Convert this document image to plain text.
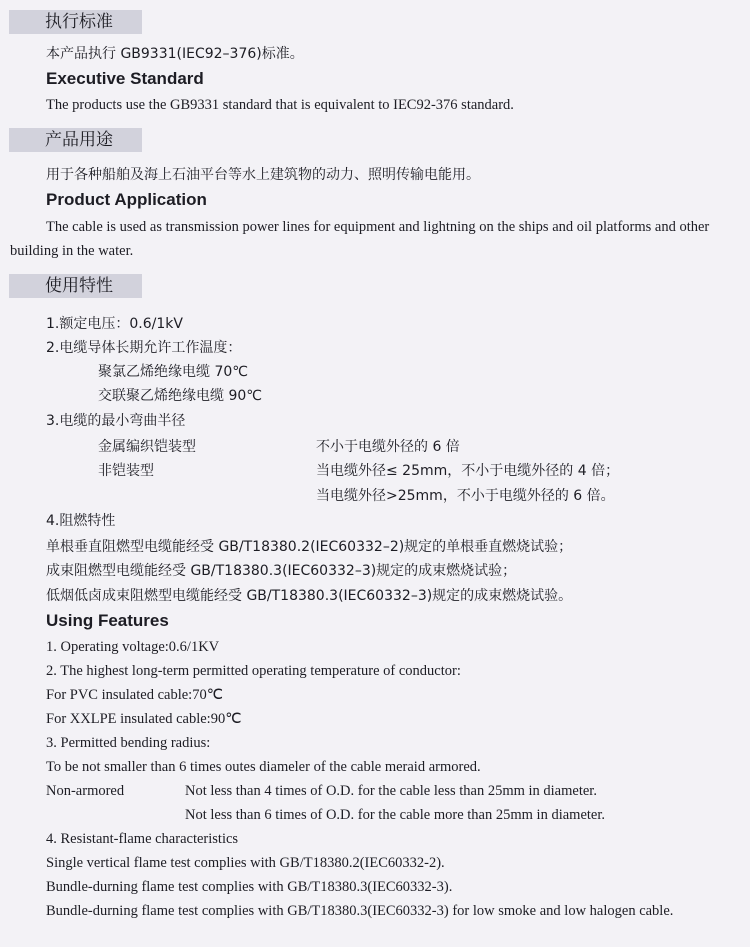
执行标准
本产品执行 GB9331(IEC92–376)标准。
Executive Standard
The products use the GB9331 standard that is equivalent to IEC92-376 standard.
产品用途
用于各种船舶及海上石油平台等水上建筑物的动力、照明传输电能用。
Product Application
The cable is used as transmission power lines for equipment and lightning on the ships and oil platforms and other
building in the water.
使用特性
1.额定电压：0.6/1kV
2.电缆导体长期允许工作温度：
聚氯乙烯绝缘电缆 70℃
交联聚乙烯绝缘电缆 90℃
3.电缆的最小弯曲半径
金属编织铠装型	不小于电缆外径的 6 倍
非铠装型	当电缆外径≤ 25mm，不小于电缆外径的 4 倍；
当电缆外径>25mm，不小于电缆外径的 6 倍。
4.阻燃特性
单根垂直阻燃型电缆能经受 GB/T18380.2(IEC60332–2)规定的单根垂直燃烧试验；
成束阻燃型电缆能经受 GB/T18380.3(IEC60332–3)规定的成束燃烧试验；
低烟低卤成束阻燃型电缆能经受 GB/T18380.3(IEC60332–3)规定的成束燃烧试验。
Using Features
1. Operating voltage:0.6/1KV
2. The highest long-term permitted operating temperature of conductor:
For PVC insulated cable:70℃
For XXLPE insulated cable:90℃
3. Permitted bending radius:
To be not smaller than 6 times outes diameler of the cable meraid armored.
Non-armored	Not less than 4 times of O.D. for the cable less than 25mm in diameter.
Not less than 6 times of O.D. for the cable more than 25mm in diameter.
4. Resistant-flame characteristics
Single vertical flame test complies with GB/T18380.2(IEC60332-2).
Bundle-durning flame test complies with GB/T18380.3(IEC60332-3).
Bundle-durning flame test complies with GB/T18380.3(IEC60332-3) for low smoke and low halogen cable.
